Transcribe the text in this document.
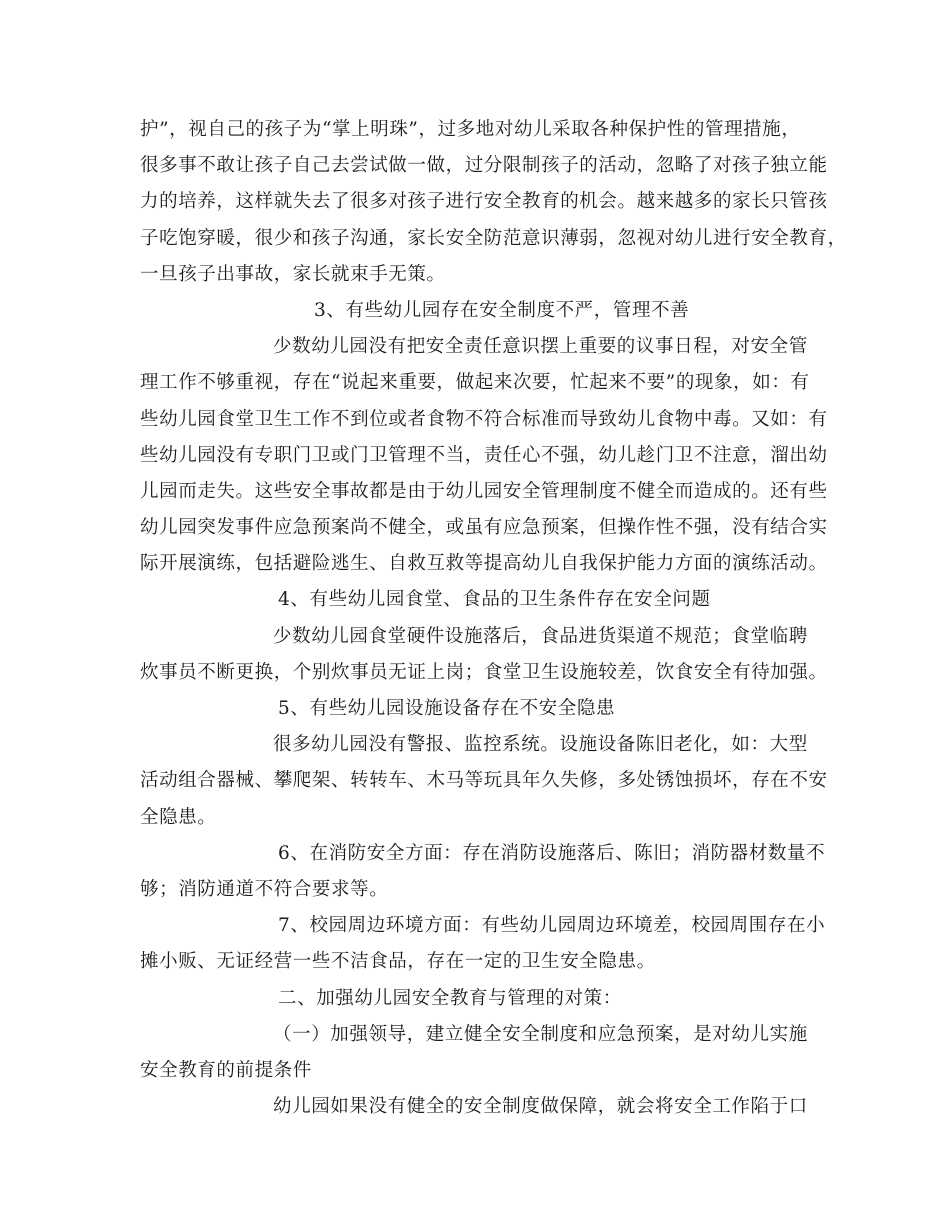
护”，视自己的孩子为“掌上明珠”，过多地对幼儿采取各种保护性的管理措施，
很多事不敢让孩子自己去尝试做一做，过分限制孩子的活动，忽略了对孩子独立能
力的培养，这样就失去了很多对孩子进行安全教育的机会。越来越多的家长只管孩
子吃饱穿暖，很少和孩子沟通，家长安全防范意识薄弱，忽视对幼儿进行安全教育，
一旦孩子出事故，家长就束手无策。
3、有些幼儿园存在安全制度不严，管理不善
少数幼儿园没有把安全责任意识摆上重要的议事日程，对安全管
理工作不够重视，存在“说起来重要，做起来次要，忙起来不要”的现象，如：有
些幼儿园食堂卫生工作不到位或者食物不符合标准而导致幼儿食物中毒。又如：有
些幼儿园没有专职门卫或门卫管理不当，责任心不强，幼儿趁门卫不注意，溜出幼
儿园而走失。这些安全事故都是由于幼儿园安全管理制度不健全而造成的。还有些
幼儿园突发事件应急预案尚不健全，或虽有应急预案，但操作性不强，没有结合实
际开展演练，包括避险逃生、自救互救等提高幼儿自我保护能力方面的演练活动。
4、有些幼儿园食堂、食品的卫生条件存在安全问题
少数幼儿园食堂硬件设施落后，食品进货渠道不规范；食堂临聘
炊事员不断更换，个别炊事员无证上岗；食堂卫生设施较差，饮食安全有待加强。
5、有些幼儿园设施设备存在不安全隐患
很多幼儿园没有警报、监控系统。设施设备陈旧老化，如：大型
活动组合器械、攀爬架、转转车、木马等玩具年久失修，多处锈蚀损坏，存在不安
全隐患。
6、在消防安全方面：存在消防设施落后、陈旧；消防器材数量不
够；消防通道不符合要求等。
7、校园周边环境方面：有些幼儿园周边环境差，校园周围存在小
摊小贩、无证经营一些不洁食品，存在一定的卫生安全隐患。
二、加强幼儿园安全教育与管理的对策：
（一）加强领导，建立健全安全制度和应急预案，是对幼儿实施
安全教育的前提条件
幼儿园如果没有健全的安全制度做保障，就会将安全工作陷于口
